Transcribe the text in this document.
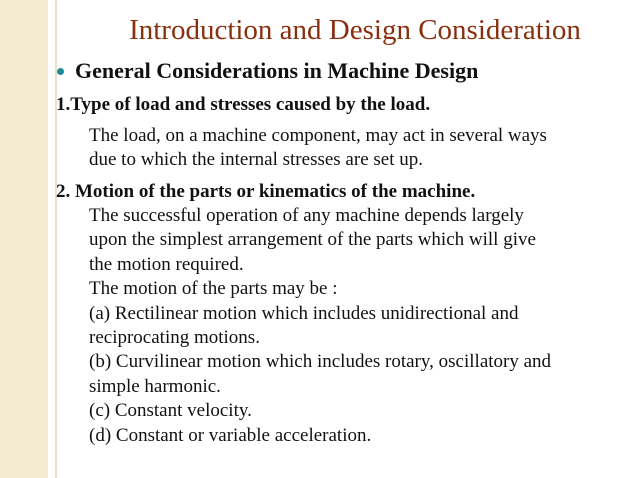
Introduction and Design Consideration
General Considerations in Machine Design
1.Type of load and stresses caused by the load.
The load, on a machine component, may act in several ways
due to which the internal stresses are set up.
2. Motion of the parts or kinematics of the machine.
The successful operation of any machine depends largely
upon the simplest arrangement of the parts which will give
the motion required.
The motion of the parts may be :
(a) Rectilinear motion which includes unidirectional and
reciprocating motions.
(b) Curvilinear motion which includes rotary, oscillatory and
simple harmonic.
(c) Constant velocity.
(d) Constant or variable acceleration.
